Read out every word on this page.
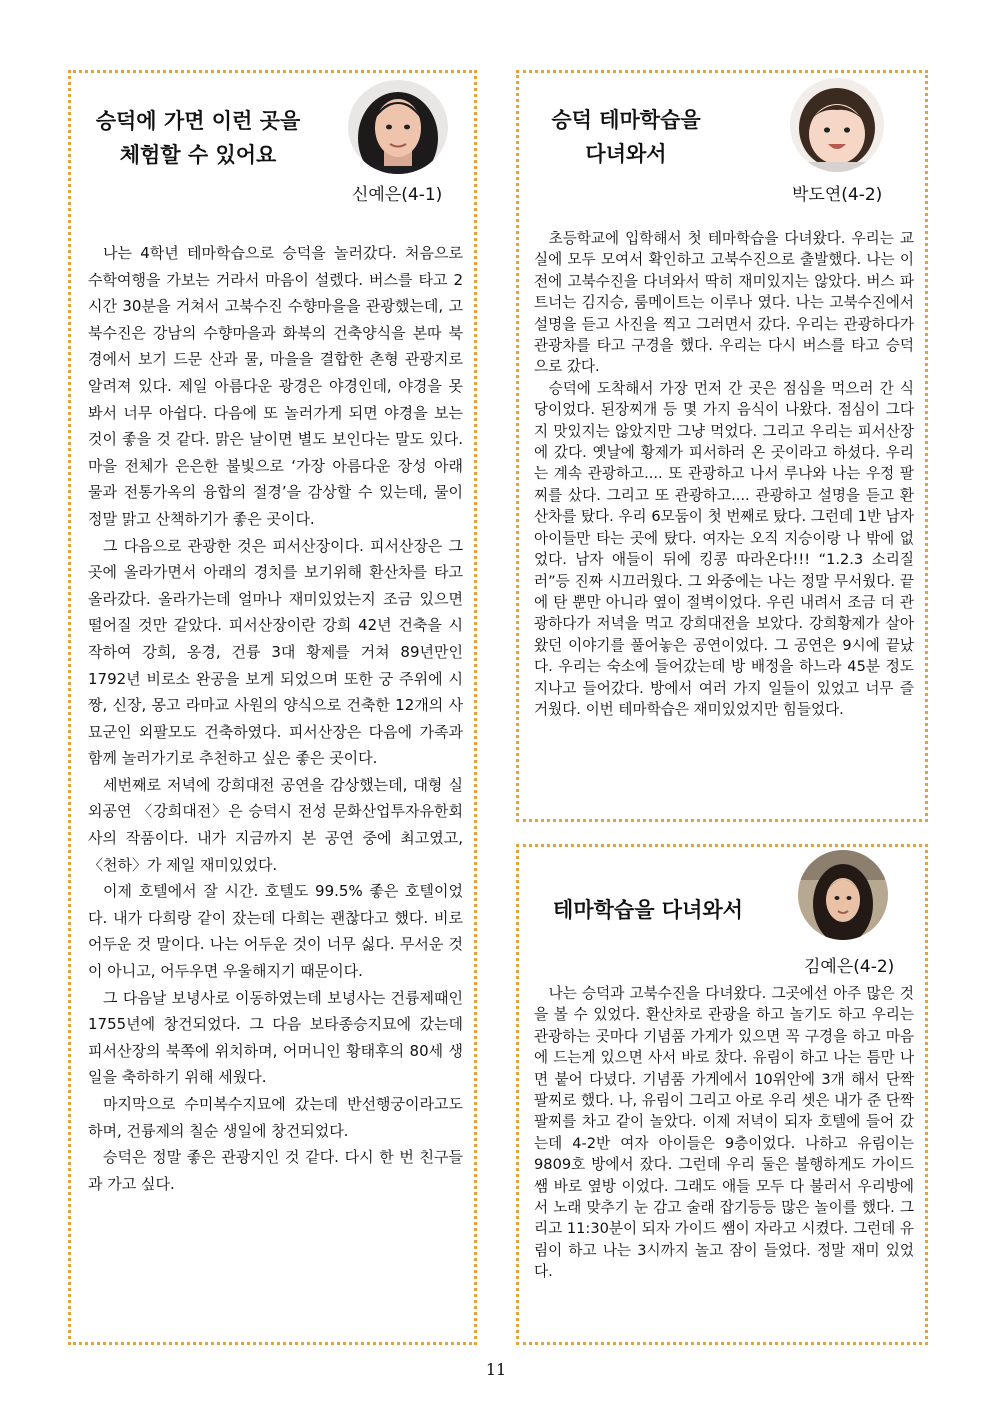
승덕에 가면 이런 곳을
체험할 수 있어요
신예은(4-1)

나는 4학년 테마학습으로 승덕을 놀러갔다. 처음으로 수학여행을 가보는 거라서 마음이 설렜다. 버스를 타고 2시간 30분을 거쳐서 고북수진 수향마을을 관광했는데, 고북수진은 강남의 수향마을과 화북의 건축양식을 본따 북경에서 보기 드문 산과 물, 마을을 결합한 촌형 관광지로 알려져 있다. 제일 아름다운 광경은 야경인데, 야경을 못 봐서 너무 아쉽다. 다음에 또 놀러가게 되면 야경을 보는 것이 좋을 것 같다. 맑은 날이면 별도 보인다는 말도 있다. 마을 전체가 은은한 불빛으로 ‘가장 아름다운 장성 아래 물과 전통가옥의 융합의 절경’을 감상할 수 있는데, 물이 정말 맑고 산책하기가 좋은 곳이다.

그 다음으로 관광한 것은 피서산장이다. 피서산장은 그 곳에 올라가면서 아래의 경치를 보기위해 환산차를 타고 올라갔다. 올라가는데 얼마나 재미있었는지 조금 있으면 떨어질 것만 같았다. 피서산장이란 강희 42년 건축을 시작하여 강희, 옹경, 건륭 3대 황제를 거쳐 89년만인 1792년 비로소 완공을 보게 되었으며 또한 궁 주위에 시짱, 신장, 몽고 라마교 사원의 양식으로 건축한 12개의 사묘군인 외팔모도 건축하였다. 피서산장은 다음에 가족과 함께 놀러가기로 추천하고 싶은 좋은 곳이다.

세번째로 저녁에 강희대전 공연을 감상했는데, 대형 실외공연 〈강희대전〉은 승덕시 전성 문화산업투자유한회사의 작품이다. 내가 지금까지 본 공연 중에 최고였고, 〈천하〉가 제일 재미있었다.

이제 호텔에서 잘 시간. 호텔도 99.5% 좋은 호텔이었다. 내가 다희랑 같이 잤는데 다희는 괜찮다고 했다. 비로 어두운 것 말이다. 나는 어두운 것이 너무 싫다. 무서운 것이 아니고, 어두우면 우울해지기 때문이다.

그 다음날 보녕사로 이동하였는데 보녕사는 건륭제때인 1755년에 창건되었다. 그 다음 보타종승지묘에 갔는데 피서산장의 북쪽에 위치하며, 어머니인 황태후의 80세 생일을 축하하기 위해 세웠다.

마지막으로 수미복수지묘에 갔는데 반선행궁이라고도 하며, 건륭제의 칠순 생일에 창건되었다.

승덕은 정말 좋은 관광지인 것 같다. 다시 한 번 친구들과 가고 싶다.

승덕 테마학습을
다녀와서
박도연(4-2)

초등학교에 입학해서 첫 테마학습을 다녀왔다. 우리는 교실에 모두 모여서 확인하고 고북수진으로 출발했다. 나는 이전에 고북수진을 다녀와서 딱히 재미있지는 않았다. 버스 파트너는 김지승, 룸메이트는 이루나 였다. 나는 고북수진에서 설명을 듣고 사진을 찍고 그러면서 갔다. 우리는 관광하다가 관광차를 타고 구경을 했다. 우리는 다시 버스를 타고 승덕으로 갔다.

승덕에 도착해서 가장 먼저 간 곳은 점심을 먹으러 간 식당이었다. 된장찌개 등 몇 가지 음식이 나왔다. 점심이 그다지 맛있지는 않았지만 그냥 먹었다. 그리고 우리는 피서산장에 갔다. 옛날에 황제가 피서하러 온 곳이라고 하셨다. 우리는 계속 관광하고.... 또 관광하고 나서 루나와 나는 우정 팔찌를 샀다. 그리고 또 관광하고.... 관광하고 설명을 듣고 환산차를 탔다. 우리 6모둠이 첫 번째로 탔다. 그런데 1반 남자아이들만 타는 곳에 탔다. 여자는 오직 지승이랑 나 밖에 없었다. 남자 애들이 뒤에 킹콩 따라온다!!! “1.2.3 소리질러”등 진짜 시끄러웠다. 그 와중에는 나는 정말 무서웠다. 끝에 탄 뿐만 아니라 옆이 절벽이었다. 우린 내려서 조금 더 관광하다가 저녁을 먹고 강희대전을 보았다. 강희황제가 살아왔던 이야기를 풀어놓은 공연이었다. 그 공연은 9시에 끝났다. 우리는 숙소에 들어갔는데 방 배정을 하느라 45분 정도 지나고 들어갔다. 방에서 여러 가지 일들이 있었고 너무 즐거웠다. 이번 테마학습은 재미있었지만 힘들었다.

테마학습을 다녀와서
김예은(4-2)

나는 승덕과 고북수진을 다녀왔다. 그곳에선 아주 많은 것을 볼 수 있었다. 환산차로 관광을 하고 놀기도 하고 우리는 관광하는 곳마다 기념품 가게가 있으면 꼭 구경을 하고 마음에 드는게 있으면 사서 바로 찼다. 유림이 하고 나는 틈만 나면 붙어 다녔다. 기념품 가게에서 10위안에 3개 해서 단짝 팔찌로 했다. 나, 유림이 그리고 아로 우리 셋은 내가 준 단짝 팔찌를 차고 같이 놀았다. 이제 저녁이 되자 호텔에 들어 갔는데 4-2반 여자 아이들은 9층이었다. 나하고 유림이는 9809호 방에서 잤다. 그런데 우리 둘은 불행하게도 가이드 쌤 바로 옆방 이었다. 그래도 애들 모두 다 불러서 우리방에서 노래 맞추기 눈 감고 술래 잡기등등 많은 놀이를 했다. 그리고 11:30분이 되자 가이드 쌤이 자라고 시켰다. 그런데 유림이 하고 나는 3시까지 놀고 잠이 들었다. 정말 재미 있었다.

11
